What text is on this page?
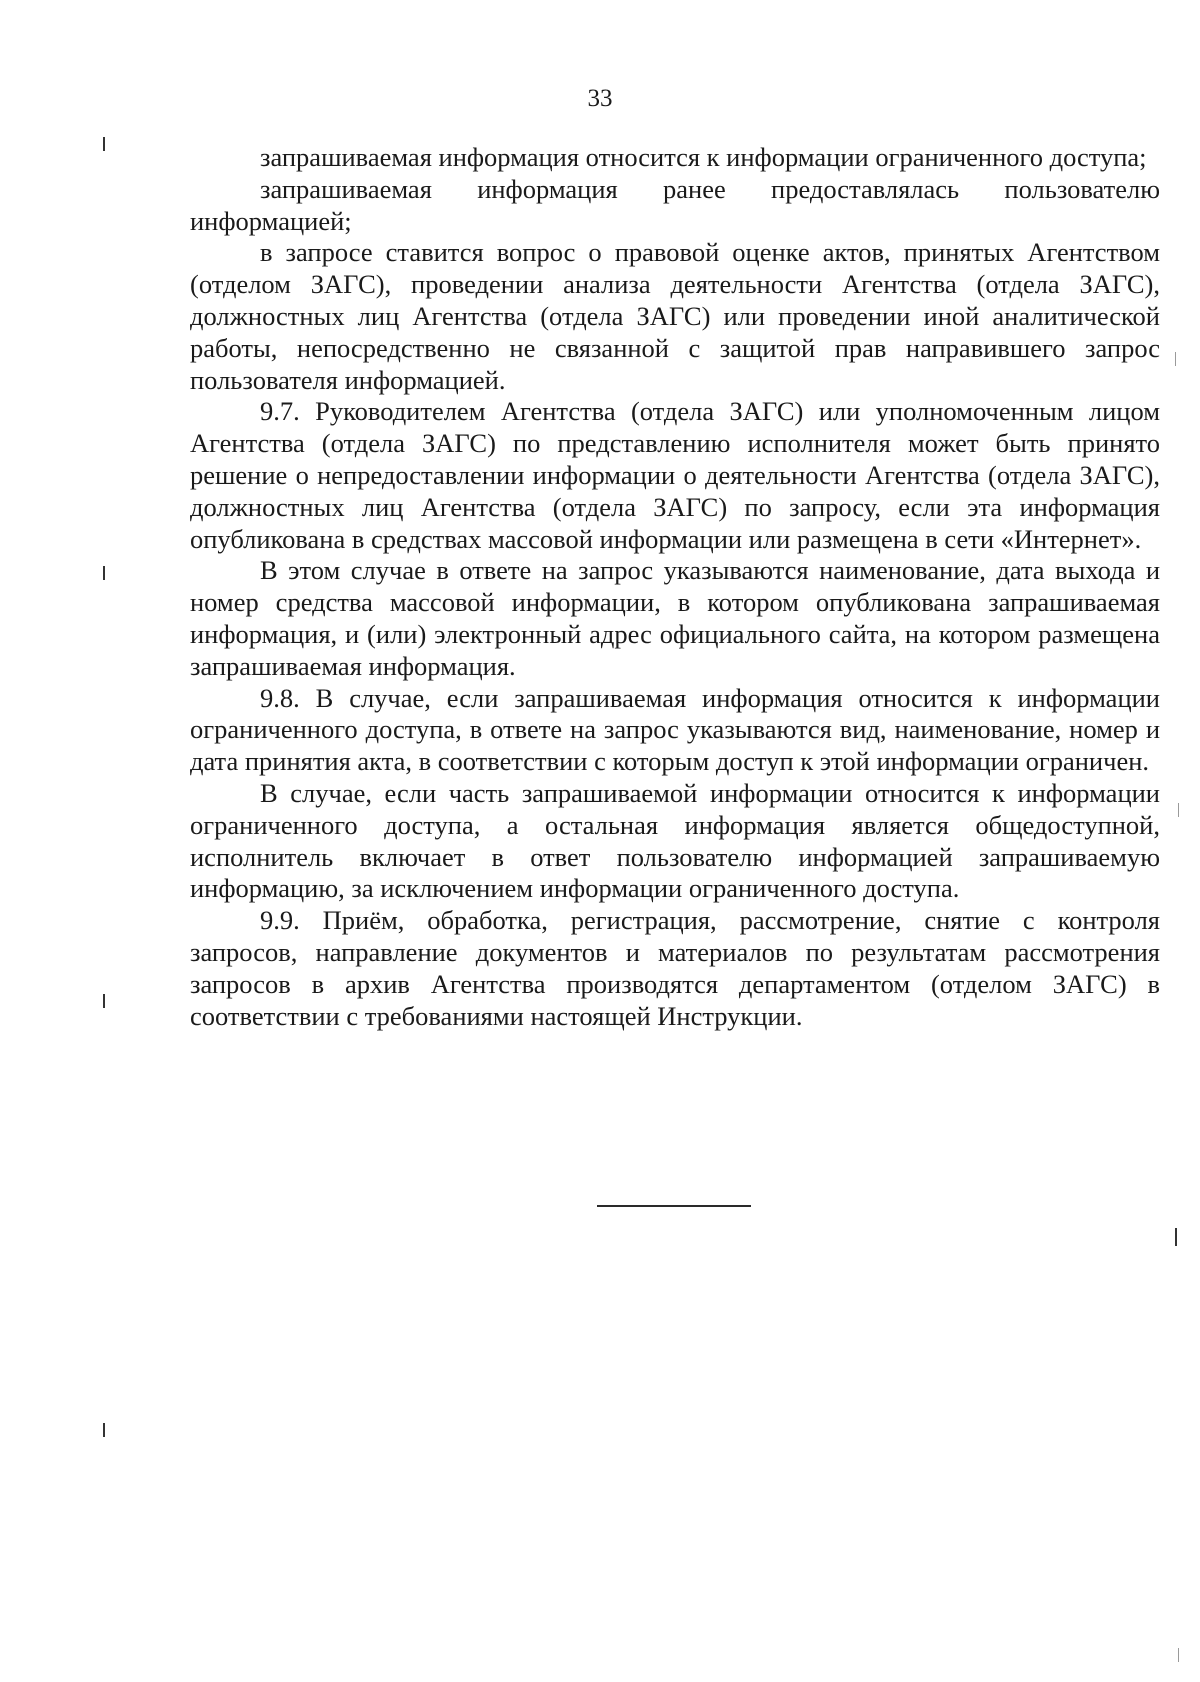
33

запрашиваемая информация относится к информации ограниченного доступа;

запрашиваемая информация ранее предоставлялась пользователю информацией;

в запросе ставится вопрос о правовой оценке актов, принятых Агентством (отделом ЗАГС), проведении анализа деятельности Агентства (отдела ЗАГС), должностных лиц Агентства (отдела ЗАГС) или проведении иной аналитической работы, непосредственно не связанной с защитой прав направившего запрос пользователя информацией.

9.7. Руководителем Агентства (отдела ЗАГС) или уполномоченным лицом Агентства (отдела ЗАГС) по представлению исполнителя может быть принято решение о непредоставлении информации о деятельности Агентства (отдела ЗАГС), должностных лиц Агентства (отдела ЗАГС) по запросу, если эта информация опубликована в средствах массовой информации или размещена в сети «Интернет».

В этом случае в ответе на запрос указываются наименование, дата выхода и номер средства массовой информации, в котором опубликована запрашиваемая информация, и (или) электронный адрес официального сайта, на котором размещена запрашиваемая информация.

9.8. В случае, если запрашиваемая информация относится к информации ограниченного доступа, в ответе на запрос указываются вид, наименование, номер и дата принятия акта, в соответствии с которым доступ к этой информации ограничен.

В случае, если часть запрашиваемой информации относится к информации ограниченного доступа, а остальная информация является общедоступной, исполнитель включает в ответ пользователю информацией запрашиваемую информацию, за исключением информации ограниченного доступа.

9.9. Приём, обработка, регистрация, рассмотрение, снятие с контроля запросов, направление документов и материалов по результатам рассмотрения запросов в архив Агентства производятся департаментом (отделом ЗАГС) в соответствии с требованиями настоящей Инструкции.
